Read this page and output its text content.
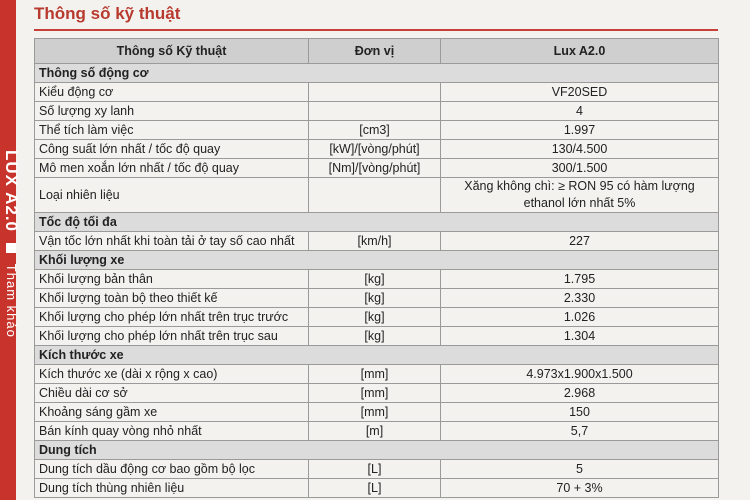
LUX A2.0  Tham khảo
Thông số kỹ thuật
Thông số Kỹ thuật	Đơn vị	Lux A2.0
Thông số động cơ		
Kiểu động cơ		VF20SED
Số lượng xy lanh		4
Thể tích làm việc	[cm3]	1.997
Công suất lớn nhất / tốc độ quay	[kW]/[vòng/phút]	130/4.500
Mô men xoắn lớn nhất / tốc độ quay	[Nm]/[vòng/phút]	300/1.500
Loại nhiên liệu		Xăng không chì: ≥ RON 95 có hàm lượng ethanol lớn nhất 5%
Tốc độ tối đa		
Vận tốc lớn nhất khi toàn tải ở tay số cao nhất	[km/h]	227
Khối lượng xe		
Khối lượng bản thân	[kg]	1.795
Khối lượng toàn bộ theo thiết kế	[kg]	2.330
Khối lượng cho phép lớn nhất trên trục trước	[kg]	1.026
Khối lượng cho phép lớn nhất trên trục sau	[kg]	1.304
Kích thước xe		
Kích thước xe (dài x rộng x cao)	[mm]	4.973x1.900x1.500
Chiều dài cơ sở	[mm]	2.968
Khoảng sáng gầm xe	[mm]	150
Bán kính quay vòng nhỏ nhất	[m]	5,7
Dung tích		
Dung tích dầu động cơ bao gồm bộ lọc	[L]	5
Dung tích thùng nhiên liệu	[L]	70 + 3%
